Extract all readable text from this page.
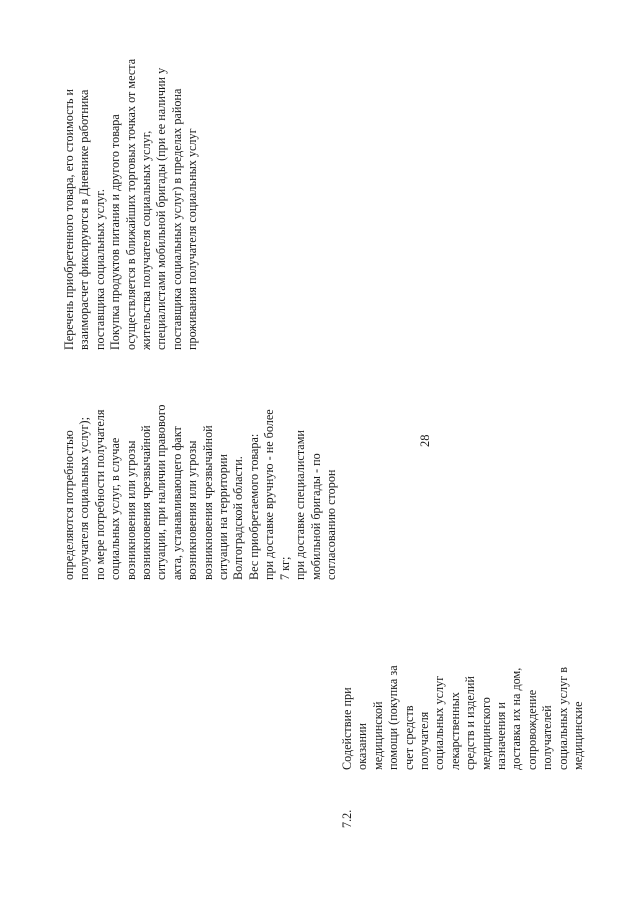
28
7.2.
Содействие при оказании медицинской помощи (покупка за счет средств получателя социальных услуг лекарственных средств и изделий медицинского назначения и доставка их на дом, сопровождение получателей социальных услуг в медицинские
определяются потребностью получателя социальных услуг); по мере потребности получателя социальных услуг, в случае возникновения или угрозы возникновения чрезвычайной ситуации, при наличии правового акта, устанавливающего факт возникновения или угрозы возникновения чрезвычайной ситуации на территории Волгоградской области. Вес приобретаемого товара: при доставке вручную - не более 7 кг; при доставке специалистами мобильной бригады - по согласованию сторон
Перечень приобретенного товара, его стоимость и взаиморасчет фиксируются в Дневнике работника поставщика социальных услуг. Покупка продуктов питания и другого товара осуществляется в ближайших торговых точках от места жительства получателя социальных услуг, специалистами мобильной бригады (при ее наличии у поставщика социальных услуг) в пределах района проживания получателя социальных услуг
